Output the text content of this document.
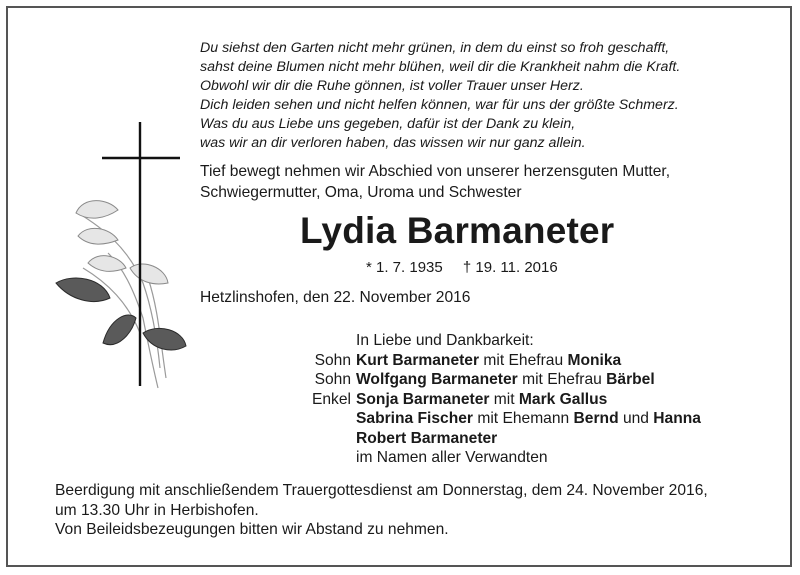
Du siehst den Garten nicht mehr grünen, in dem du einst so froh geschafft,
sahst deine Blumen nicht mehr blühen, weil dir die Krankheit nahm die Kraft.
Obwohl wir dir die Ruhe gönnen, ist voller Trauer unser Herz.
Dich leiden sehen und nicht helfen können, war für uns der größte Schmerz.
Was du aus Liebe uns gegeben, dafür ist der Dank zu klein,
was wir an dir verloren haben, das wissen wir nur ganz allein.
Tief bewegt nehmen wir Abschied von unserer herzensguten Mutter,
Schwiegermutter, Oma, Uroma und Schwester
Lydia Barmaneter
* 1. 7. 1935 † 19. 11. 2016
Hetzlinshofen, den 22. November 2016
In Liebe und Dankbarkeit:
Sohn Kurt Barmaneter mit Ehefrau Monika
Sohn Wolfgang Barmaneter mit Ehefrau Bärbel
Enkel Sonja Barmaneter mit Mark Gallus
Sabrina Fischer mit Ehemann Bernd und Hanna
Robert Barmaneter
im Namen aller Verwandten
Beerdigung mit anschließendem Trauergottesdienst am Donnerstag, dem 24. November 2016,
um 13.30 Uhr in Herbishofen.
Von Beileidsbezeugungen bitten wir Abstand zu nehmen.
